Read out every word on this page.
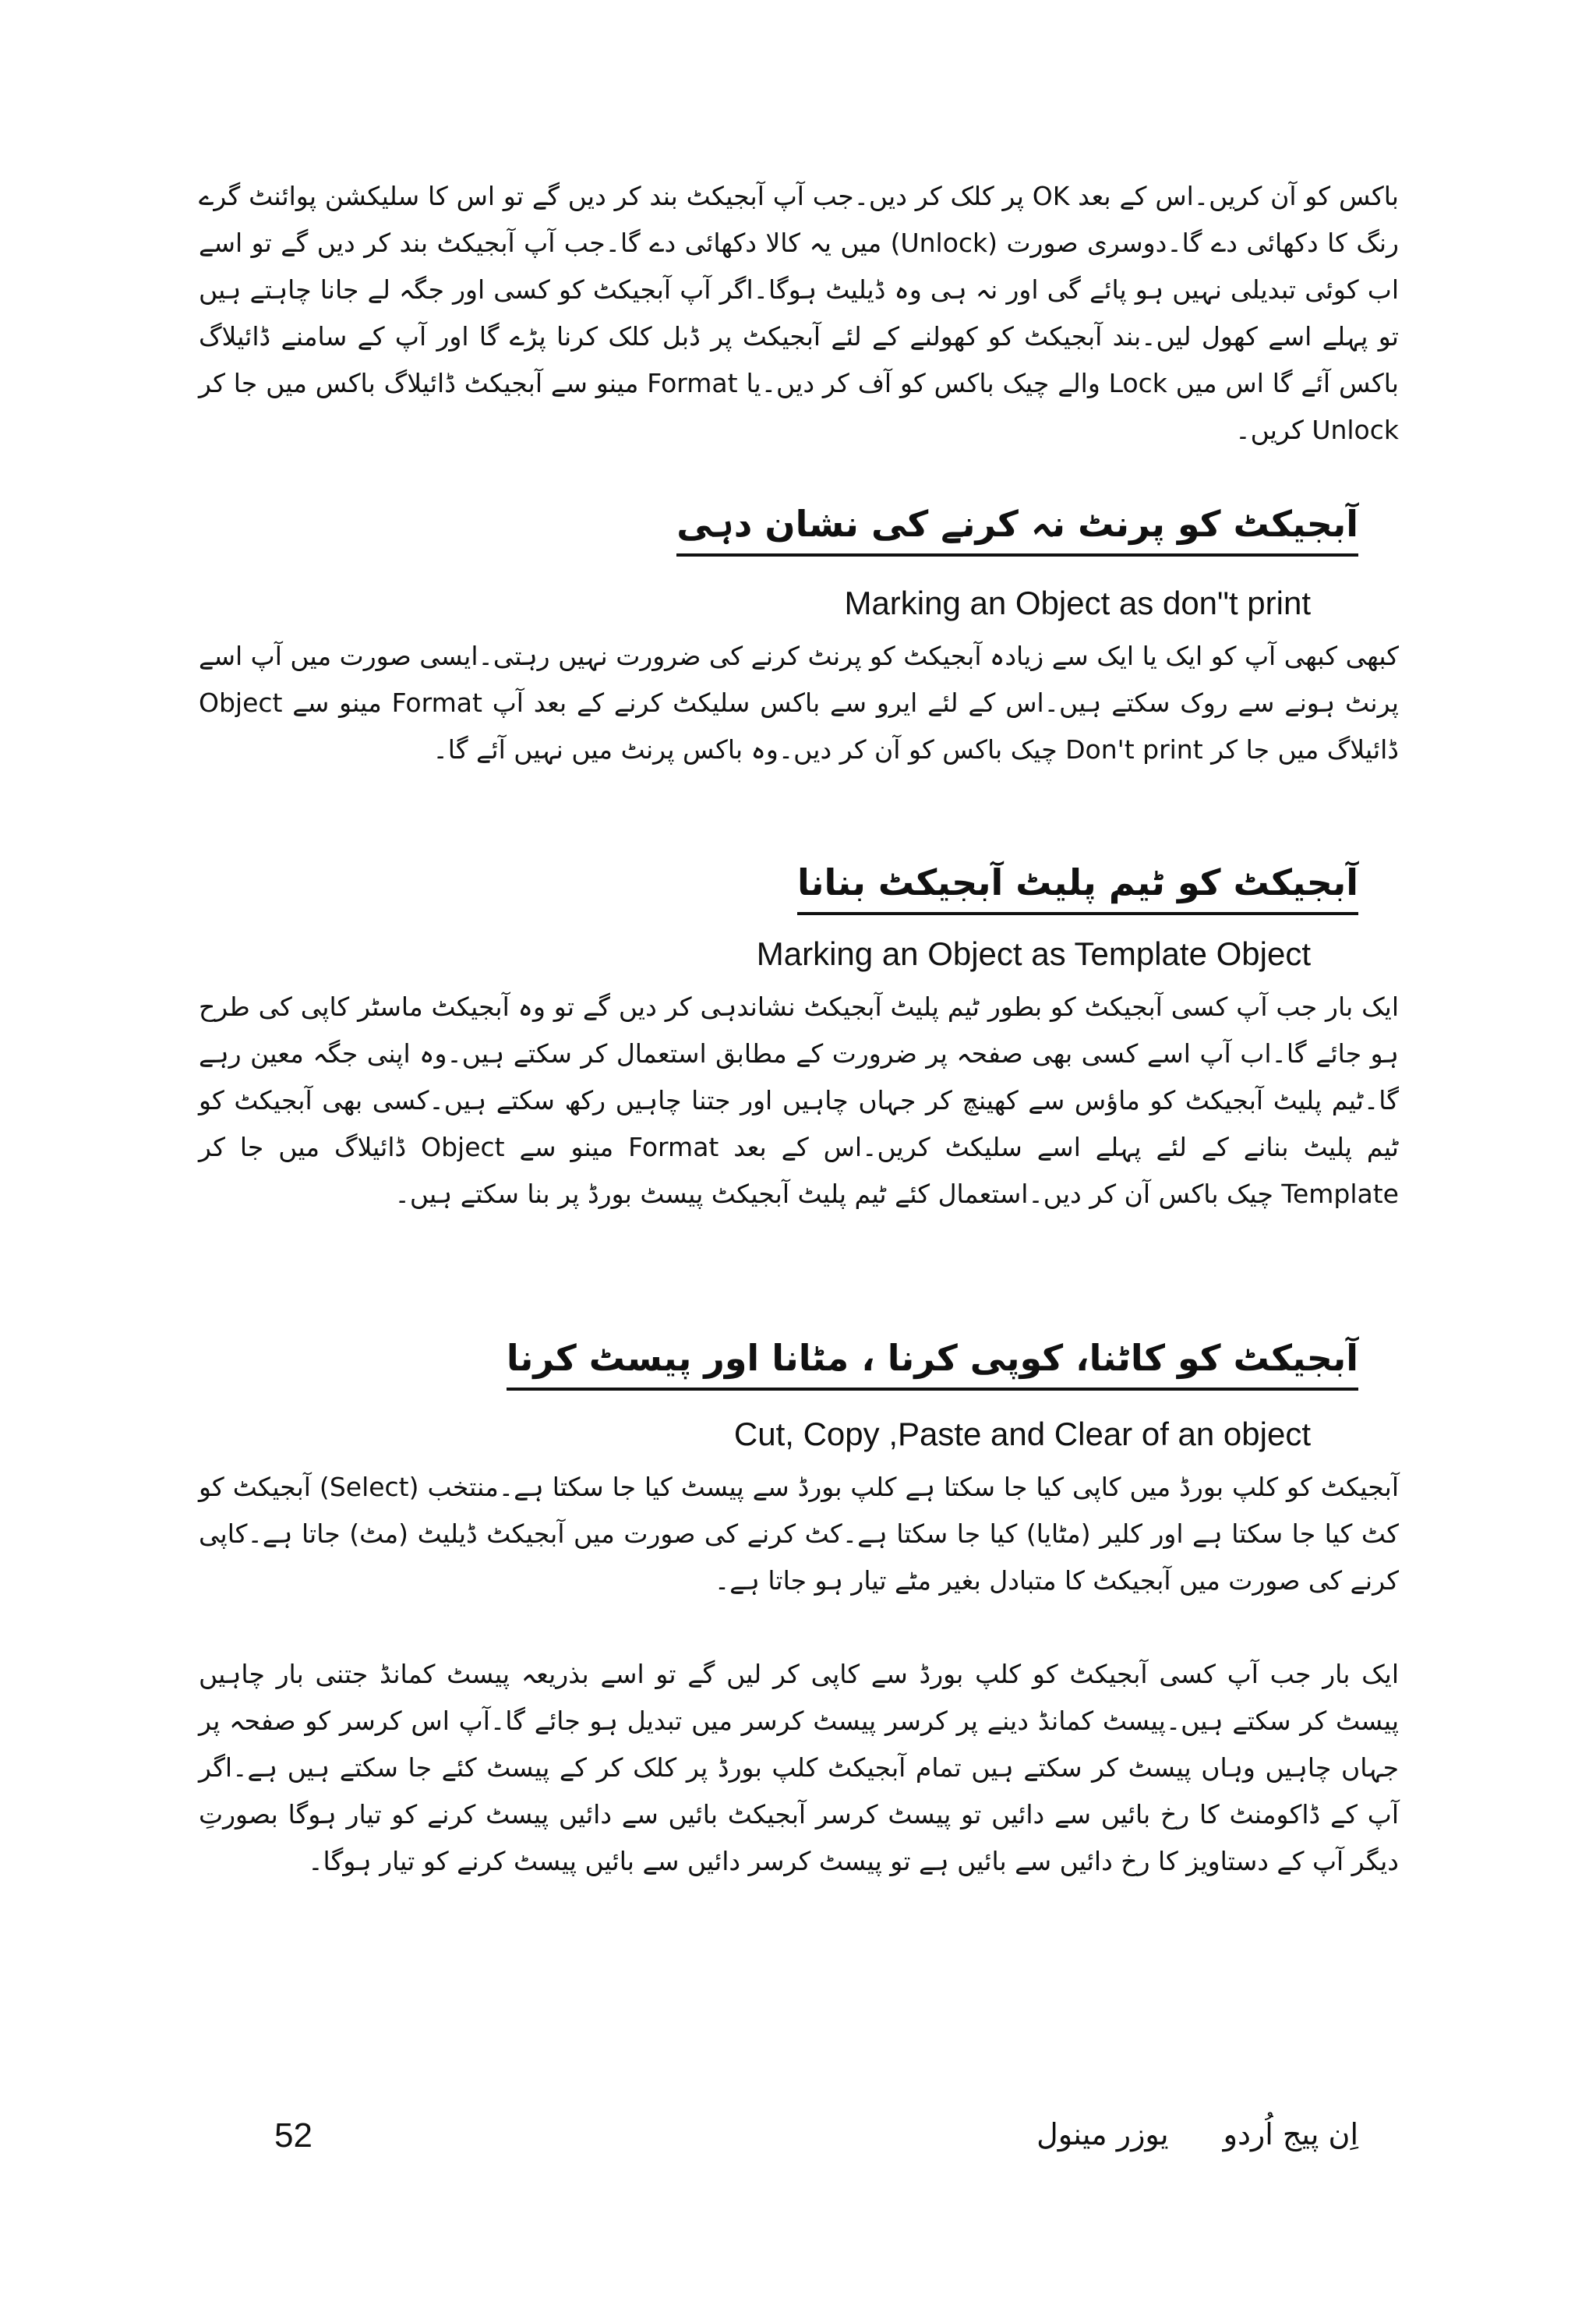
باکس کو آن کریں۔اس کے بعد OK پر کلک کر دیں۔جب آپ آبجیکٹ بند کر دیں گے تو اس کا سلیکشن پوائنٹ گرے رنگ کا دکھائی دے گا۔دوسری صورت (Unlock) میں یہ کالا دکھائی دے گا۔جب آپ آبجیکٹ بند کر دیں گے تو اسے اب کوئی تبدیلی نہیں ہو پائے گی اور نہ ہی وہ ڈیلیٹ ہوگا۔اگر آپ آبجیکٹ کو کسی اور جگہ لے جانا چاہتے ہیں تو پہلے اسے کھول لیں۔بند آبجیکٹ کو کھولنے کے لئے آبجیکٹ پر ڈبل کلک کرنا پڑے گا اور آپ کے سامنے ڈائیلاگ باکس آئے گا اس میں Lock والے چیک باکس کو آف کر دیں۔یا Format مینو سے آبجیکٹ ڈائیلاگ باکس میں جا کر Unlock کریں۔

آبجیکٹ کو پرنٹ نہ کرنے کی نشان دہی
Marking an Object as don"t print

کبھی کبھی آپ کو ایک یا ایک سے زیادہ آبجیکٹ کو پرنٹ کرنے کی ضرورت نہیں رہتی۔ایسی صورت میں آپ اسے پرنٹ ہونے سے روک سکتے ہیں۔اس کے لئے ایرو سے باکس سلیکٹ کرنے کے بعد آپ Format مینو سے Object ڈائیلاگ میں جا کر Don't print چیک باکس کو آن کر دیں۔وہ باکس پرنٹ میں نہیں آئے گا۔

آبجیکٹ کو ٹیم پلیٹ آبجیکٹ بنانا
Marking an Object as Template Object

ایک بار جب آپ کسی آبجیکٹ کو بطور ٹیم پلیٹ آبجیکٹ نشاندہی کر دیں گے تو وہ آبجیکٹ ماسٹر کاپی کی طرح ہو جائے گا۔اب آپ اسے کسی بھی صفحہ پر ضرورت کے مطابق استعمال کر سکتے ہیں۔وہ اپنی جگہ معین رہے گا۔ٹیم پلیٹ آبجیکٹ کو ماؤس سے کھینچ کر جہاں چاہیں اور جتنا چاہیں رکھ سکتے ہیں۔کسی بھی آبجیکٹ کو ٹیم پلیٹ بنانے کے لئے پہلے اسے سلیکٹ کریں۔اس کے بعد Format مینو سے Object ڈائیلاگ میں جا کر Template چیک باکس آن کر دیں۔استعمال کئے ٹیم پلیٹ آبجیکٹ پیسٹ بورڈ پر بنا سکتے ہیں۔

آبجیکٹ کو کاٹنا، کوپی کرنا ، مٹانا اور پیسٹ کرنا
Cut, Copy ,Paste and Clear of an object

آبجیکٹ کو کلپ بورڈ میں کاپی کیا جا سکتا ہے کلپ بورڈ سے پیسٹ کیا جا سکتا ہے۔منتخب (Select) آبجیکٹ کو کٹ کیا جا سکتا ہے اور کلیر (مٹایا) کیا جا سکتا ہے۔کٹ کرنے کی صورت میں آبجیکٹ ڈیلیٹ (مٹ) جاتا ہے۔کاپی کرنے کی صورت میں آبجیکٹ کا متبادل بغیر مٹے تیار ہو جاتا ہے۔

ایک بار جب آپ کسی آبجیکٹ کو کلپ بورڈ سے کاپی کر لیں گے تو اسے بذریعہ پیسٹ کمانڈ جتنی بار چاہیں پیسٹ کر سکتے ہیں۔پیسٹ کمانڈ دینے پر کرسر پیسٹ کرسر میں تبدیل ہو جائے گا۔آپ اس کرسر کو صفحہ پر جہاں چاہیں وہاں پیسٹ کر سکتے ہیں تمام آبجیکٹ کلپ بورڈ پر کلک کر کے پیسٹ کئے جا سکتے ہیں ہے۔اگر آپ کے ڈاکومنٹ کا رخ بائیں سے دائیں تو پیسٹ کرسر آبجیکٹ بائیں سے دائیں پیسٹ کرنے کو تیار ہوگا بصورتِ دیگر آپ کے دستاویز کا رخ دائیں سے بائیں ہے تو پیسٹ کرسر دائیں سے بائیں پیسٹ کرنے کو تیار ہوگا۔

اِن پیج اُردویوزر مینول
52
